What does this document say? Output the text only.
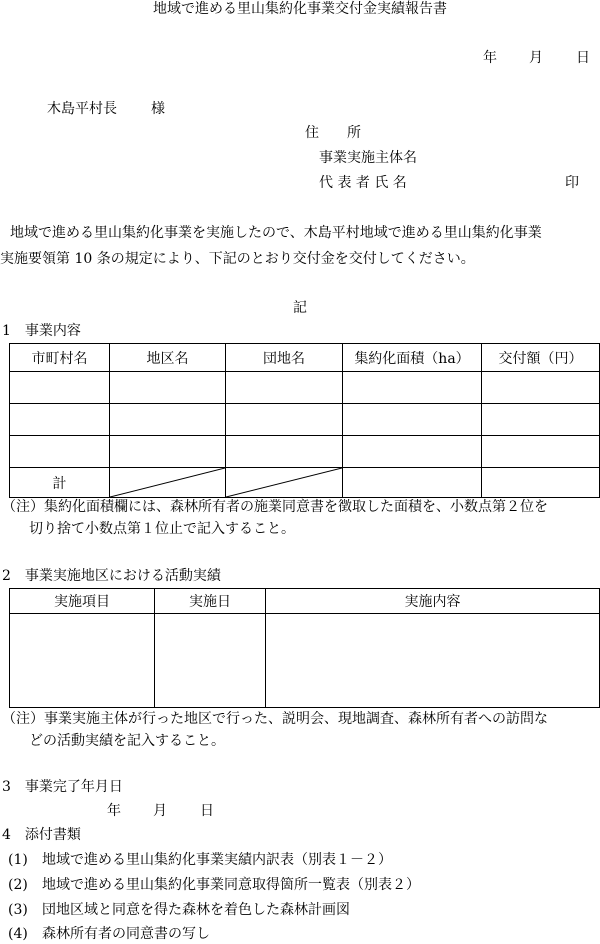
地域で進める里山集約化事業交付金実績報告書
年 月 日
木島平村長 様
住　　所
事業実施主体名
代 表 者 氏 名	印
地域で進める里山集約化事業を実施したので、木島平村地域で進める里山集約化事業
実施要領第 10 条の規定により、下記のとおり交付金を交付してください。
記
1　事業内容
市町村名	地区名	団地名	集約化面積（ha）	交付額（円）

計	

（注）集約化面積欄には、森林所有者の施業同意書を徴取した面積を、小数点第２位を
切り捨て小数点第１位止で記入すること。
2　事業実施地区における活動実績
実施項目	実施日	実施内容

（注）事業実施主体が行った地区で行った、説明会、現地調査、森林所有者への訪問な
どの活動実績を記入すること。
3　事業完了年月日
年 月 日
4　添付書類
(1) 地域で進める里山集約化事業実績内訳表（別表１－２）
(2) 地域で進める里山集約化事業同意取得箇所一覧表（別表２）
(3) 団地区域と同意を得た森林を着色した森林計画図
(4) 森林所有者の同意書の写し
